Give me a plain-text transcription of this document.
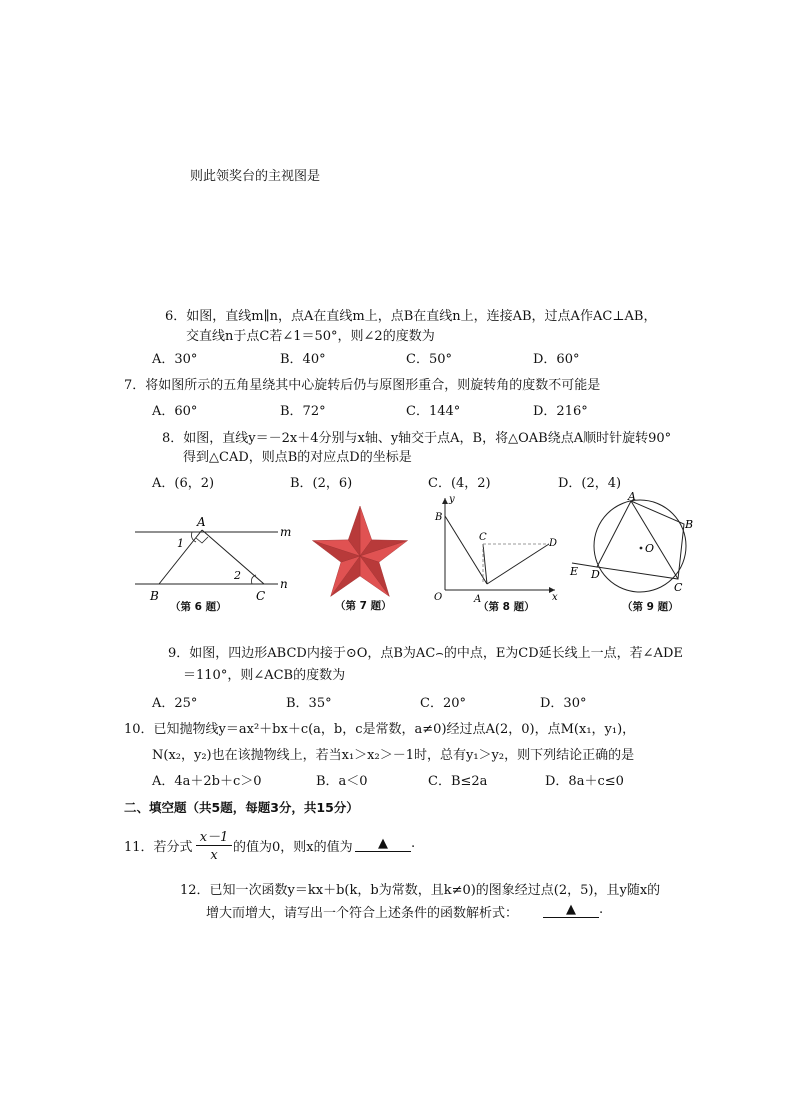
则此领奖台的主视图是
6．如图，直线m∥n，点A在直线m上，点B在直线n上，连接AB，过点A作AC⊥AB，
交直线n于点C若∠1＝50°，则∠2的度数为
A．30°	B．40°	C．50°	D．60°
7．将如图所示的五角星绕其中心旋转后仍与原图形重合，则旋转角的度数不可能是
A．60°	B．72°	C．144°	D．216°
8．如图，直线y＝－2x＋4分别与x轴、y轴交于点A，B，将△OAB绕点A顺时针旋转90°
得到△CAD，则点B的对应点D的坐标是
A．(6，2)	B．(2，6)	C．(4，2)	D．(2，4)
A
B	C
m
n
1
2
（第 6 题）	（第 7 题）
y
x
O	A
B
C
D
（第 8 题）
A
B
C
D
E
O
（第 9 题）
9．如图，四边形ABCD内接于⊙O，点B为AC⌢的中点，E为CD延长线上一点，若∠ADE
＝110°，则∠ACB的度数为
A．25°	B．35°	C．20°	D．30°
10．已知抛物线y＝ax²＋bx＋c(a，b，c是常数，a≠0)经过点A(2，0)，点M(x₁，y₁)，
N(x₂，y₂)也在该抛物线上，若当x₁＞x₂＞－1时，总有y₁＞y₂，则下列结论正确的是
A．4a＋2b＋c＞0	B．a＜0	C．B≤2a	D．8a＋c≤0
二、填空题（共5题，每题3分，共15分）
11．若分式
x－1
x
的值为0，则x的值为	▲	.
12．已知一次函数y＝kx＋b(k，b为常数，且k≠0)的图象经过点(2，5)，且y随x的
增大而增大，请写出一个符合上述条件的函数解析式：	▲	.
